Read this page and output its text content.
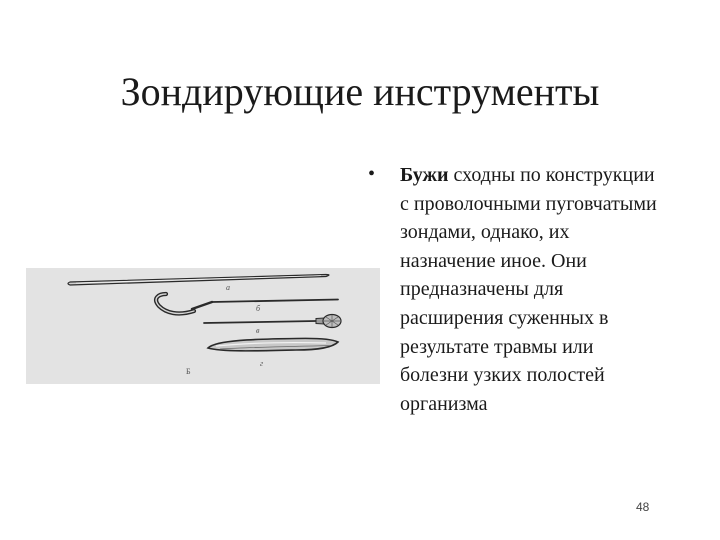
Зондирующие инструменты
а
б
в
г
Б
• Бужи сходны по конструкции с проволочными пуговчатыми зондами, однако, их назначение иное. Они предназначены для расширения суженных в результате травмы или болезни узких полостей организма
48
